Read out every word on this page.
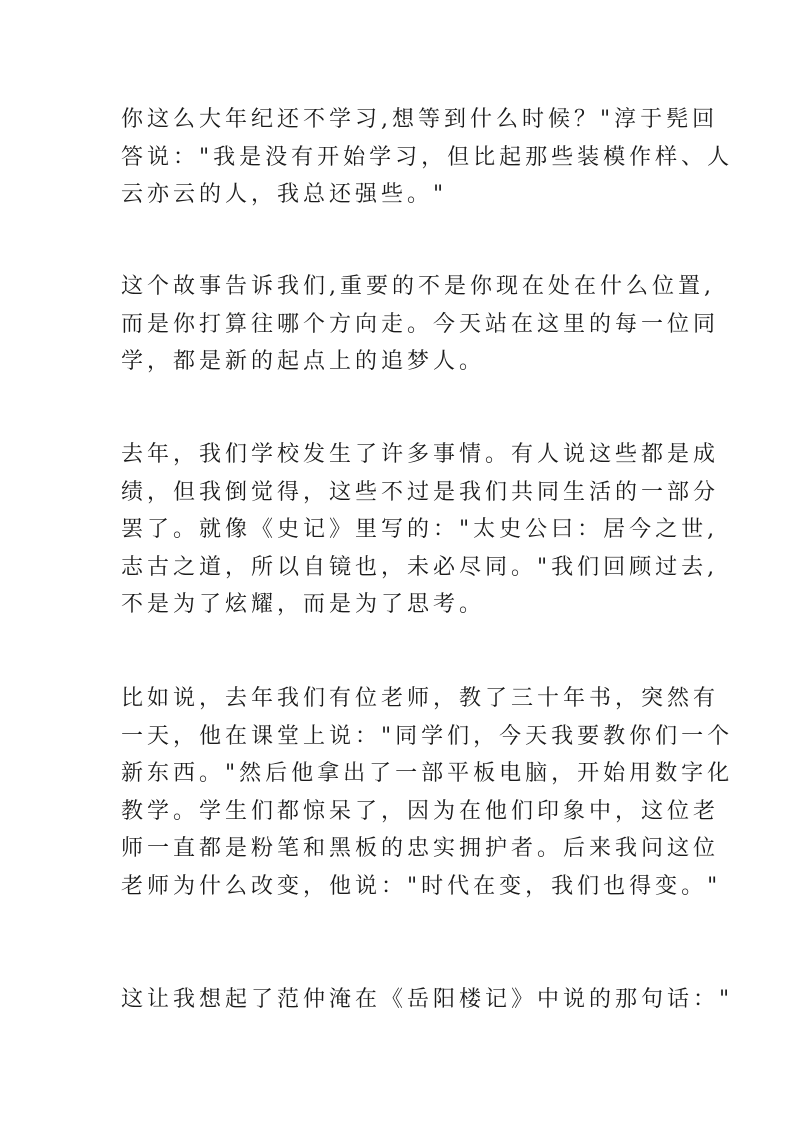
你这么大年纪还不学习,想等到什么时候？"淳于髡回
答说："我是没有开始学习，但比起那些装模作样、人
云亦云的人，我总还强些。"
这个故事告诉我们,重要的不是你现在处在什么位置,
而是你打算往哪个方向走。今天站在这里的每一位同
学，都是新的起点上的追梦人。
去年，我们学校发生了许多事情。有人说这些都是成
绩，但我倒觉得，这些不过是我们共同生活的一部分
罢了。就像《史记》里写的："太史公曰：居今之世,
志古之道，所以自镜也，未必尽同。"我们回顾过去,
不是为了炫耀，而是为了思考。
比如说，去年我们有位老师，教了三十年书，突然有
一天，他在课堂上说："同学们，今天我要教你们一个
新东西。"然后他拿出了一部平板电脑，开始用数字化
教学。学生们都惊呆了，因为在他们印象中，这位老
师一直都是粉笔和黑板的忠实拥护者。后来我问这位
老师为什么改变，他说："时代在变，我们也得变。"
这让我想起了范仲淹在《岳阳楼记》中说的那句话："
